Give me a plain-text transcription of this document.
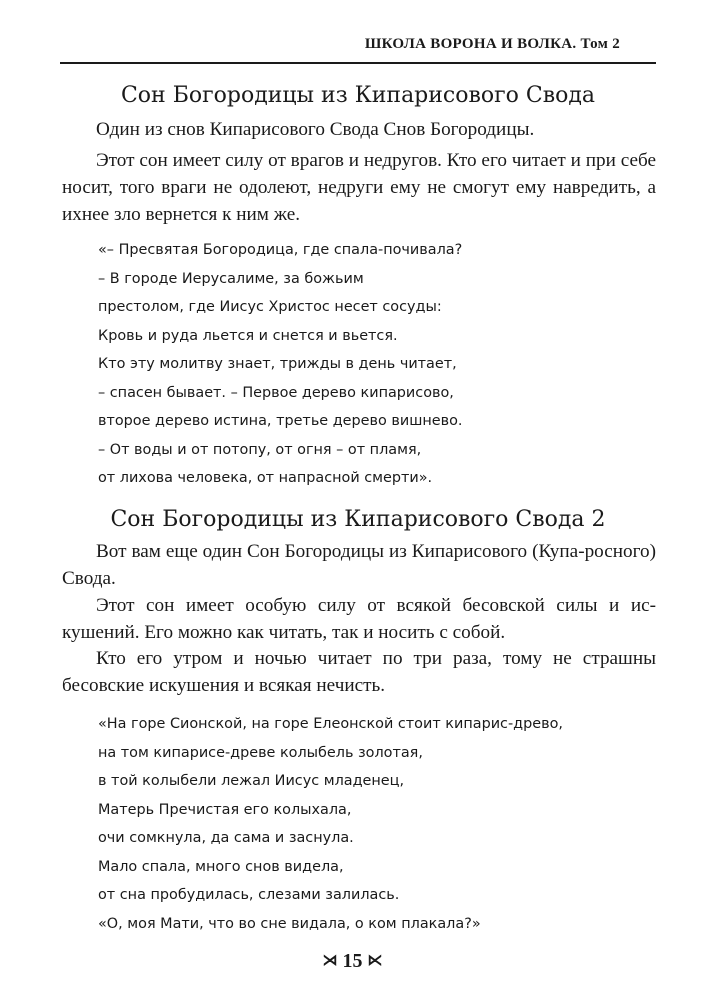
ШКОЛА ВОРОНА И ВОЛКА. Том 2
Сон Богородицы из Кипарисового Свода

Один из снов Кипарисового Свода Снов Богородицы.

Этот сон имеет силу от врагов и недругов. Кто его читает и при себе носит, того враги не одолеют, недруги ему не смогут ему навредить, а ихнее зло вернется к ним же.

«– Пресвятая Богородица, где спала-почивала?
– В городе Иерусалиме, за божьим
престолом, где Иисус Христос несет сосуды:
Кровь и руда льется и снется и вьется.
Кто эту молитву знает, трижды в день читает,
– спасен бывает. – Первое дерево кипарисово,
второе дерево истина, третье дерево вишнево.
– От воды и от потопу, от огня – от пламя,
от лихова человека, от напрасной смерти».
Сон Богородицы из Кипарисового Свода 2

Вот вам еще один Сон Богородицы из Кипарисового (Купа-росного) Свода.

Этот сон имеет особую силу от всякой бесовской силы и ис-кушений. Его можно как читать, так и носить с собой.

Кто его утром и ночью читает по три раза, тому не страшны бесовские искушения и всякая нечисть.

«На горе Сионской, на горе Елеонской стоит кипарис-древо,
на том кипарисе-древе колыбель золотая,
в той колыбели лежал Иисус младенец,
Матерь Пречистая его колыхала,
очи сомкнула, да сама и заснула.
Мало спала, много снов видела,
от сна пробудилась, слезами залилась.
«О, моя Мати, что во сне видала, о ком плакала?»
⋊ 15 ⋉
